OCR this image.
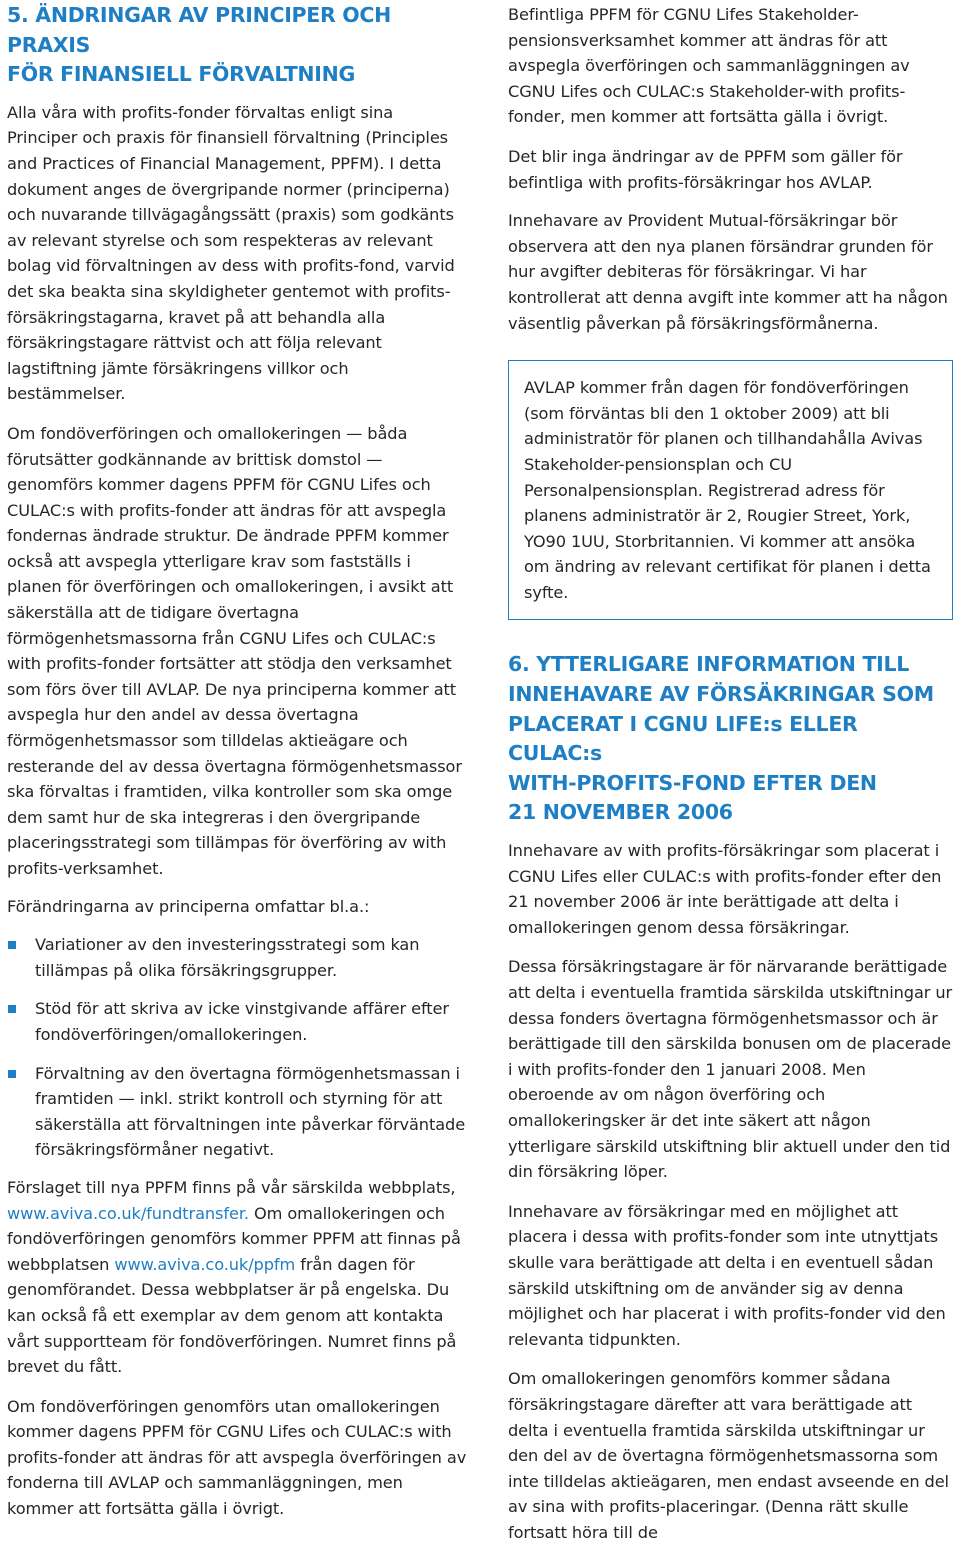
5. ÄNDRINGAR AV PRINCIPER OCH PRAXIS
FÖR FINANSIELL FÖRVALTNING

Alla våra with profits-fonder förvaltas enligt sina Principer och praxis för finansiell förvaltning (Principles and Practices of Financial Management, PPFM). I detta dokument anges de övergripande normer (principerna) och nuvarande tillvägagångssätt (praxis) som godkänts av relevant styrelse och som respekteras av relevant bolag vid förvaltningen av dess with profits-fond, varvid det ska beakta sina skyldigheter gentemot with profits-försäkringstagarna, kravet på att behandla alla försäkringstagare rättvist och att följa relevant lagstiftning jämte försäkringens villkor och bestämmelser.

Om fondöverföringen och omallokeringen — båda förutsätter godkännande av brittisk domstol — genomförs kommer dagens PPFM för CGNU Lifes och CULAC:s with profits-fonder att ändras för att avspegla fondernas ändrade struktur. De ändrade PPFM kommer också att avspegla ytterligare krav som fastställs i planen för överföringen och omallokeringen, i avsikt att säkerställa att de tidigare övertagna förmögenhetsmassorna från CGNU Lifes och CULAC:s with profits-fonder fortsätter att stödja den verksamhet som förs över till AVLAP. De nya principerna kommer att avspegla hur den andel av dessa övertagna förmögenhetsmassor som tilldelas aktieägare och resterande del av dessa övertagna förmögenhetsmassor ska förvaltas i framtiden, vilka kontroller som ska omge dem samt hur de ska integreras i den övergripande placeringsstrategi som tillämpas för överföring av with profits-verksamhet.

Förändringarna av principerna omfattar bl.a.:

Variationer av den investeringsstrategi som kan tillämpas på olika försäkringsgrupper.
Stöd för att skriva av icke vinstgivande affärer efter fondöverföringen/omallokeringen.
Förvaltning av den övertagna förmögenhetsmassan i framtiden — inkl. strikt kontroll och styrning för att säkerställa att förvaltningen inte påverkar förväntade försäkringsförmåner negativt.

Förslaget till nya PPFM finns på vår särskilda webbplats, www.aviva.co.uk/fundtransfer. Om omallokeringen och fondöverföringen genomförs kommer PPFM att finnas på webbplatsen www.aviva.co.uk/ppfm från dagen för genomförandet. Dessa webbplatser är på engelska. Du kan också få ett exemplar av dem genom att kontakta vårt supportteam för fondöverföringen. Numret finns på brevet du fått.

Om fondöverföringen genomförs utan omallokeringen kommer dagens PPFM för CGNU Lifes och CULAC:s with profits-fonder att ändras för att avspegla överföringen av fonderna till AVLAP och sammanläggningen, men kommer att fortsätta gälla i övrigt.

Befintliga PPFM för CGNU Lifes Stakeholder-pensionsverksamhet kommer att ändras för att avspegla överföringen och sammanläggningen av CGNU Lifes och CULAC:s Stakeholder-with profits-fonder, men kommer att fortsätta gälla i övrigt.

Det blir inga ändringar av de PPFM som gäller för befintliga with profits-försäkringar hos AVLAP.

Innehavare av Provident Mutual-försäkringar bör observera att den nya planen försändrar grunden för hur avgifter debiteras för försäkringar. Vi har kontrollerat att denna avgift inte kommer att ha någon väsentlig påverkan på försäkringsförmånerna.

AVLAP kommer från dagen för fondöverföringen (som förväntas bli den 1 oktober 2009) att bli administratör för planen och tillhandahålla Avivas Stakeholder-pensionsplan och CU Personalpensionsplan. Registrerad adress för planens administratör är 2, Rougier Street, York, YO90 1UU, Storbritannien. Vi kommer att ansöka om ändring av relevant certifikat för planen i detta syfte.

6. YTTERLIGARE INFORMATION TILL
INNEHAVARE AV FÖRSÄKRINGAR SOM
PLACERAT I CGNU LIFE:s ELLER CULAC:s
WITH-PROFITS-FOND EFTER DEN
21 NOVEMBER 2006

Innehavare av with profits-försäkringar som placerat i CGNU Lifes eller CULAC:s with profits-fonder efter den 21 november 2006 är inte berättigade att delta i omallokeringen genom dessa försäkringar.

Dessa försäkringstagare är för närvarande berättigade att delta i eventuella framtida särskilda utskiftningar ur dessa fonders övertagna förmögenhetsmassor och är berättigade till den särskilda bonusen om de placerade i with profits-fonder den 1 januari 2008. Men oberoende av om någon överföring och omallokeringsker är det inte säkert att någon ytterligare särskild utskiftning blir aktuell under den tid din försäkring löper.

Innehavare av försäkringar med en möjlighet att placera i dessa with profits-fonder som inte utnyttjats skulle vara berättigade att delta i en eventuell sådan särskild utskiftning om de använder sig av denna möjlighet och har placerat i with profits-fonder vid den relevanta tidpunkten.

Om omallokeringen genomförs kommer sådana försäkringstagare därefter att vara berättigade att delta i eventuella framtida särskilda utskiftningar ur den del av de övertagna förmögenhetsmassorna som inte tilldelas aktieägaren, men endast avseende en del av sina with profits-placeringar. (Denna rätt skulle fortsatt höra till de
